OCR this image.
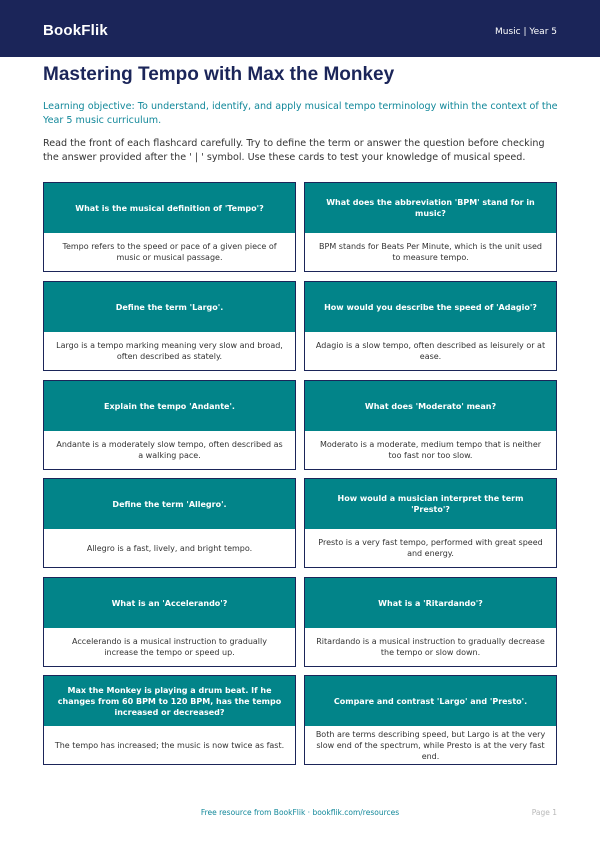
BookFlik	Music | Year 5
Mastering Tempo with Max the Monkey
Learning objective: To understand, identify, and apply musical tempo terminology within the context of the Year 5 music curriculum.
Read the front of each flashcard carefully. Try to define the term or answer the question before checking the answer provided after the ' | ' symbol. Use these cards to test your knowledge of musical speed.
What is the musical definition of 'Tempo'?
Tempo refers to the speed or pace of a given piece of music or musical passage.
What does the abbreviation 'BPM' stand for in music?
BPM stands for Beats Per Minute, which is the unit used to measure tempo.
Define the term 'Largo'.
Largo is a tempo marking meaning very slow and broad, often described as stately.
How would you describe the speed of 'Adagio'?
Adagio is a slow tempo, often described as leisurely or at ease.
Explain the tempo 'Andante'.
Andante is a moderately slow tempo, often described as a walking pace.
What does 'Moderato' mean?
Moderato is a moderate, medium tempo that is neither too fast nor too slow.
Define the term 'Allegro'.
Allegro is a fast, lively, and bright tempo.
How would a musician interpret the term 'Presto'?
Presto is a very fast tempo, performed with great speed and energy.
What is an 'Accelerando'?
Accelerando is a musical instruction to gradually increase the tempo or speed up.
What is a 'Ritardando'?
Ritardando is a musical instruction to gradually decrease the tempo or slow down.
Max the Monkey is playing a drum beat. If he changes from 60 BPM to 120 BPM, has the tempo increased or decreased?
The tempo has increased; the music is now twice as fast.
Compare and contrast 'Largo' and 'Presto'.
Both are terms describing speed, but Largo is at the very slow end of the spectrum, while Presto is at the very fast end.
Free resource from BookFlik · bookflik.com/resources	Page 1
